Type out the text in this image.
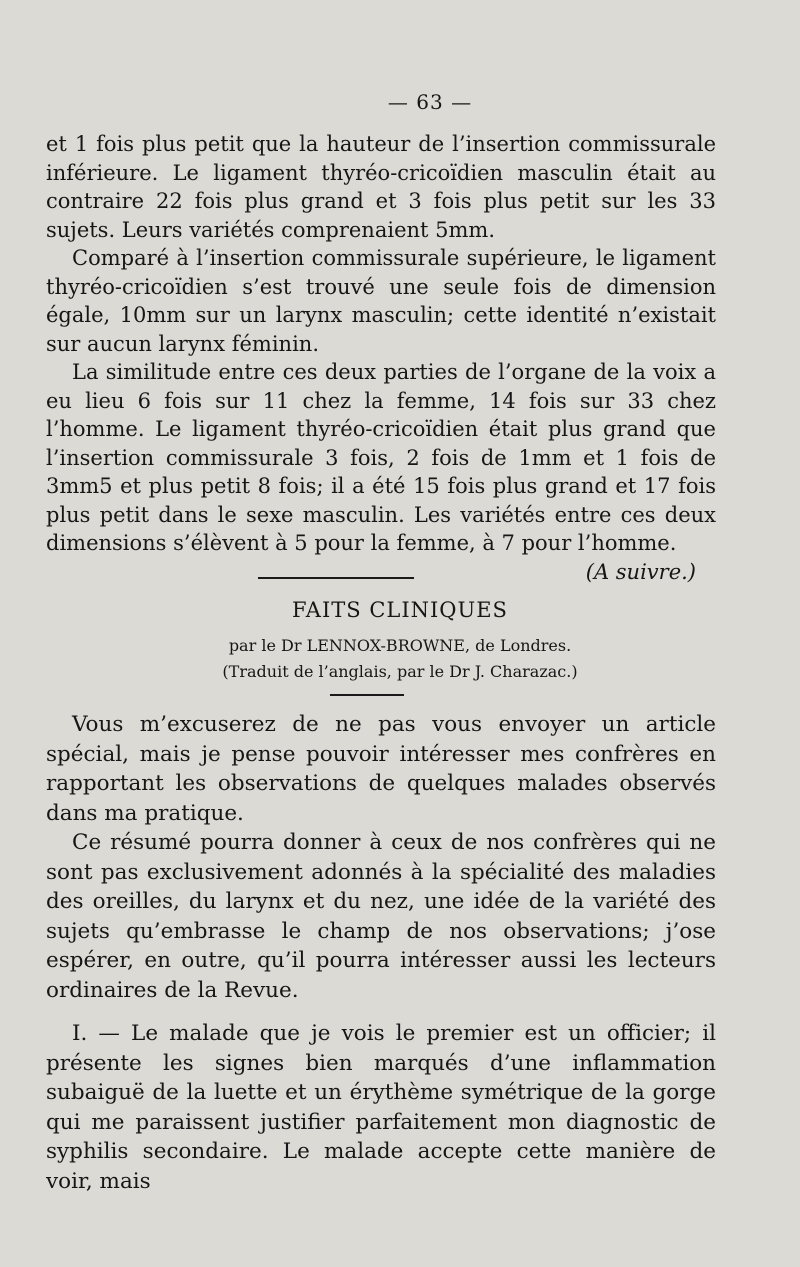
— 63 —

et 1 fois plus petit que la hauteur de l’insertion commissurale inférieure. Le ligament thyréo-cricoïdien masculin était au contraire 22 fois plus grand et 3 fois plus petit sur les 33 sujets. Leurs variétés comprenaient 5mm.

Comparé à l’insertion commissurale supérieure, le ligament thyréo-cricoïdien s’est trouvé une seule fois de dimension égale, 10mm sur un larynx masculin; cette identité n’existait sur aucun larynx féminin.

La similitude entre ces deux parties de l’organe de la voix a eu lieu 6 fois sur 11 chez la femme, 14 fois sur 33 chez l’homme. Le ligament thyréo-cricoïdien était plus grand que l’insertion commissurale 3 fois, 2 fois de 1mm et 1 fois de 3mm5 et plus petit 8 fois; il a été 15 fois plus grand et 17 fois plus petit dans le sexe masculin. Les variétés entre ces deux dimensions s’élèvent à 5 pour la femme, à 7 pour l’homme.

(A suivre.)
FAITS CLINIQUES
par le Dr LENNOX-BROWNE, de Londres.
(Traduit de l’anglais, par le Dr J. Charazac.)

Vous m’excuserez de ne pas vous envoyer un article spécial, mais je pense pouvoir intéresser mes confrères en rapportant les observations de quelques malades observés dans ma pratique.

Ce résumé pourra donner à ceux de nos confrères qui ne sont pas exclusivement adonnés à la spécialité des maladies des oreilles, du larynx et du nez, une idée de la variété des sujets qu’embrasse le champ de nos observations; j’ose espérer, en outre, qu’il pourra intéresser aussi les lecteurs ordinaires de la Revue.

I. — Le malade que je vois le premier est un officier; il présente les signes bien marqués d’une inflammation subaiguë de la luette et un érythème symétrique de la gorge qui me paraissent justifier parfaitement mon diagnostic de syphilis secondaire. Le malade accepte cette manière de voir, mais
